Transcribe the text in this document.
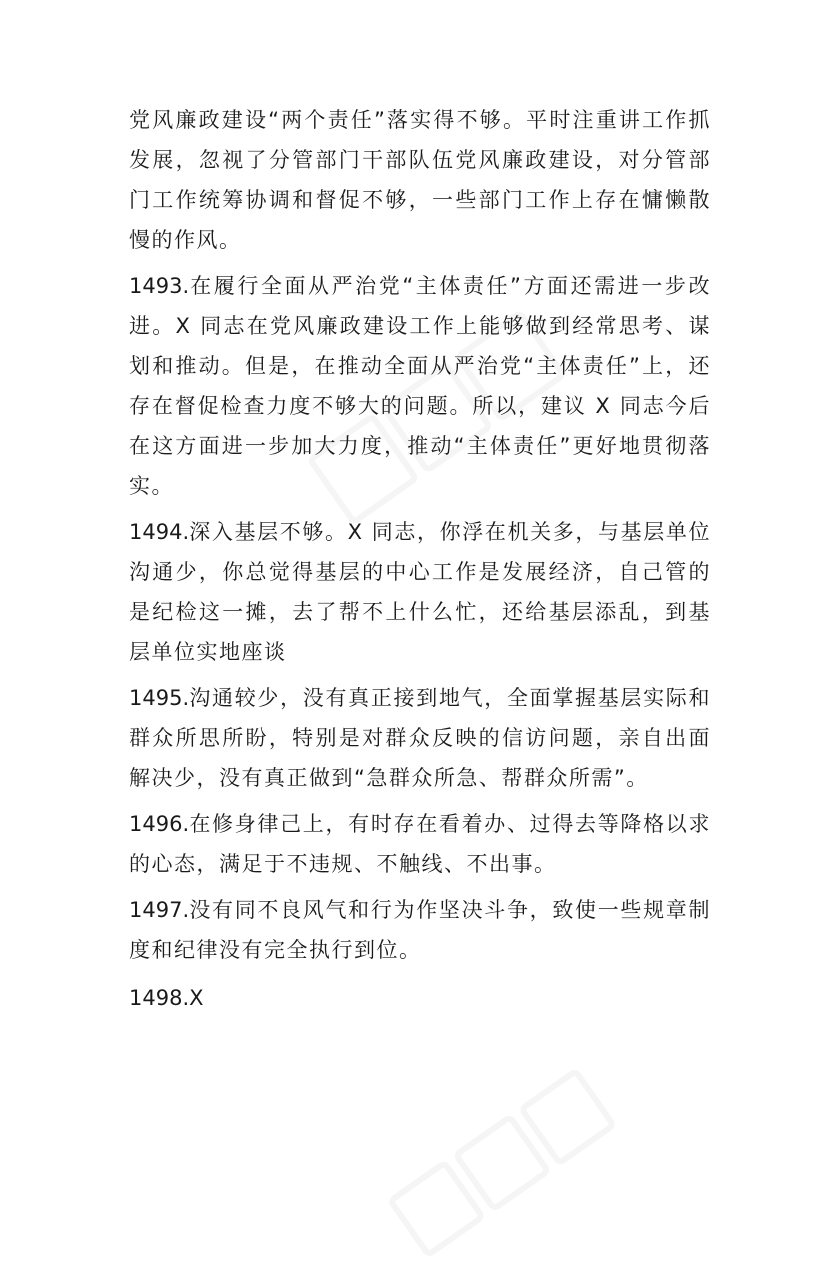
党风廉政建设“两个责任”落实得不够。平时注重讲工作抓发展，忽视了分管部门干部队伍党风廉政建设，对分管部门工作统筹协调和督促不够，一些部门工作上存在慵懒散慢的作风。

1493.在履行全面从严治党“主体责任”方面还需进一步改进。X 同志在党风廉政建设工作上能够做到经常思考、谋划和推动。但是，在推动全面从严治党“主体责任”上，还存在督促检查力度不够大的问题。所以，建议 X 同志今后在这方面进一步加大力度，推动“主体责任”更好地贯彻落实。

1494.深入基层不够。X 同志，你浮在机关多，与基层单位沟通少，你总觉得基层的中心工作是发展经济，自己管的是纪检这一摊，去了帮不上什么忙，还给基层添乱，到基层单位实地座谈

1495.沟通较少，没有真正接到地气，全面掌握基层实际和群众所思所盼，特别是对群众反映的信访问题，亲自出面解决少，没有真正做到“急群众所急、帮群众所需”。

1496.在修身律己上，有时存在看着办、过得去等降格以求的心态，满足于不违规、不触线、不出事。

1497.没有同不良风气和行为作坚决斗争，致使一些规章制度和纪律没有完全执行到位。

1498.X
